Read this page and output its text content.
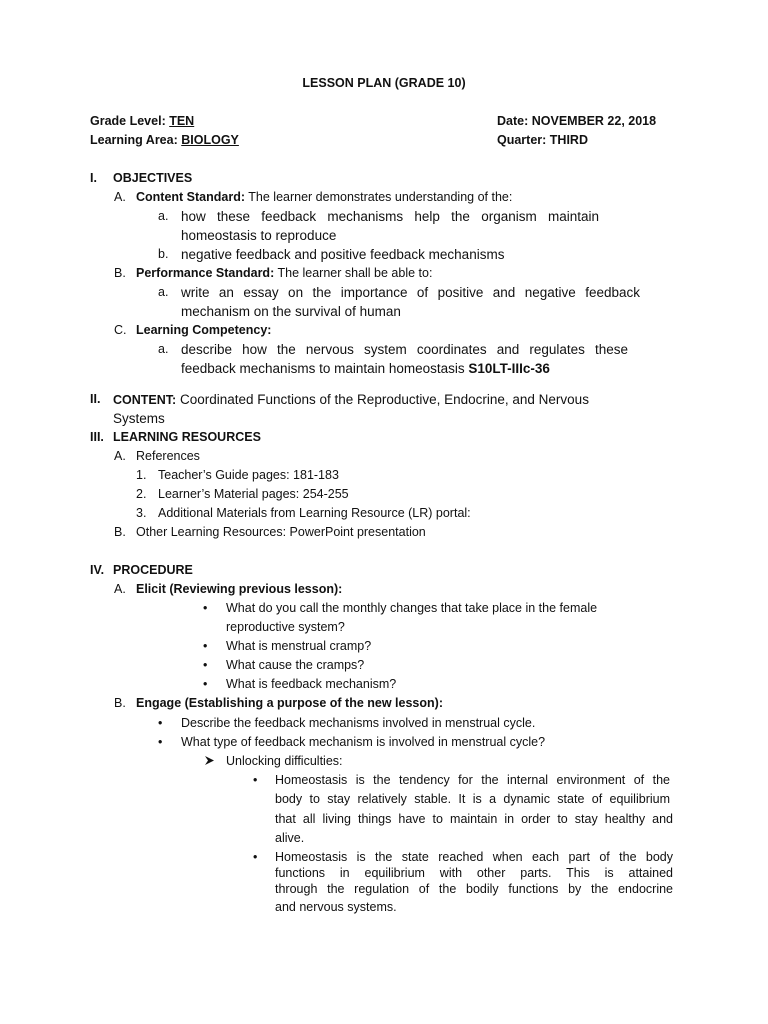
LESSON PLAN (GRADE 10)
Grade Level: TEN
Learning Area: BIOLOGY
Date: NOVEMBER 22, 2018
Quarter: THIRD
I. OBJECTIVES
A. Content Standard: The learner demonstrates understanding of the:
a. how these feedback mechanisms help the organism maintain
homeostasis to reproduce
b. negative feedback and positive feedback mechanisms
B. Performance Standard: The learner shall be able to:
a. write an essay on the importance of positive and negative feedback
mechanism on the survival of human
C. Learning Competency:
a. describe how the nervous system coordinates and regulates these
feedback mechanisms to maintain homeostasis S10LT-IIIc-36
II. CONTENT: Coordinated Functions of the Reproductive, Endocrine, and Nervous
Systems
III. LEARNING RESOURCES
A. References
1. Teacher’s Guide pages: 181-183
2. Learner’s Material pages: 254-255
3. Additional Materials from Learning Resource (LR) portal:
B. Other Learning Resources: PowerPoint presentation
IV. PROCEDURE
A. Elicit (Reviewing previous lesson):
• What do you call the monthly changes that take place in the female
reproductive system?
• What is menstrual cramp?
• What cause the cramps?
• What is feedback mechanism?
B. Engage (Establishing a purpose of the new lesson):
• Describe the feedback mechanisms involved in menstrual cycle.
• What type of feedback mechanism is involved in menstrual cycle?
Unlocking difficulties:
• Homeostasis is the tendency for the internal environment of the
body to stay relatively stable. It is a dynamic state of equilibrium
that all living things have to maintain in order to stay healthy and
alive.
• Homeostasis is the state reached when each part of the body
functions in equilibrium with other parts. This is attained
through the regulation of the bodily functions by the endocrine
and nervous systems.
